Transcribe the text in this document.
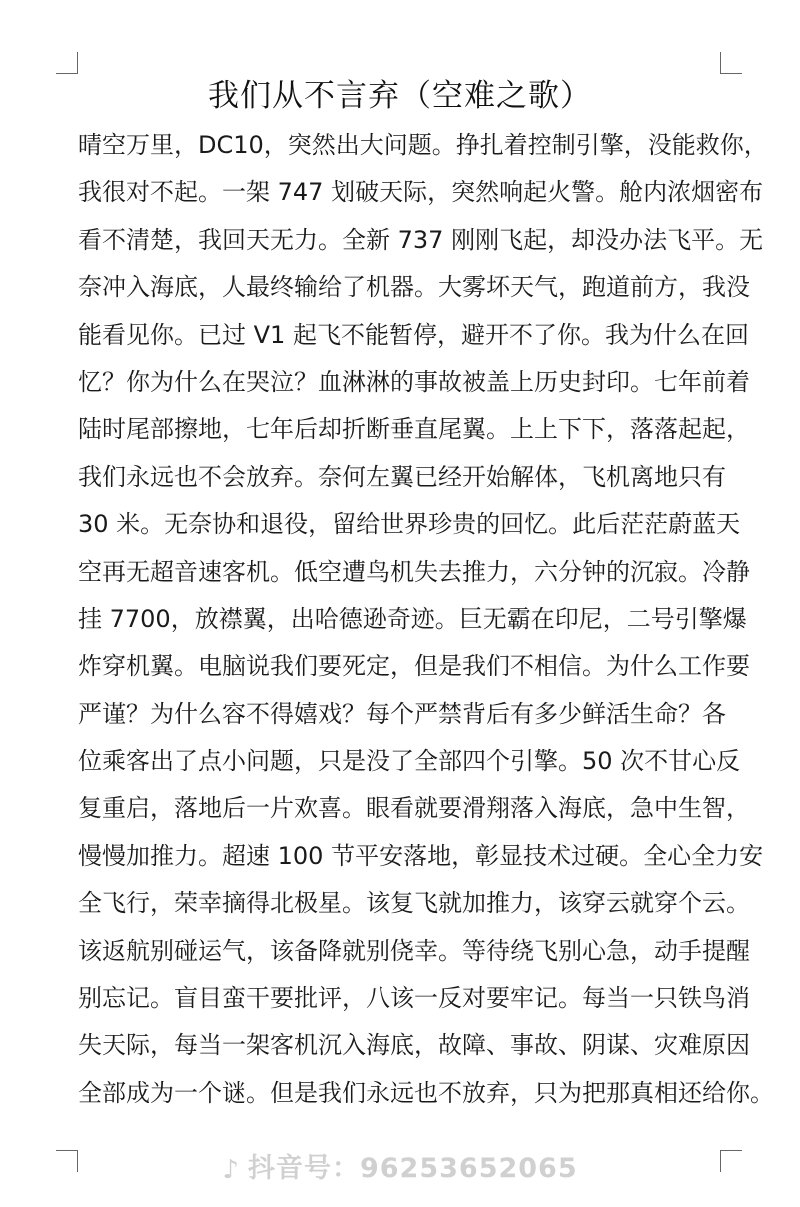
我们从不言弃（空难之歌）
晴空万里，DC10，突然出大问题。挣扎着控制引擎，没能救你，
我很对不起。一架 747 划破天际，突然响起火警。舱内浓烟密布
看不清楚，我回天无力。全新 737 刚刚飞起，却没办法飞平。无
奈冲入海底，人最终输给了机器。大雾坏天气，跑道前方，我没
能看见你。已过 V1 起飞不能暂停，避开不了你。我为什么在回
忆？你为什么在哭泣？血淋淋的事故被盖上历史封印。七年前着
陆时尾部擦地，七年后却折断垂直尾翼。上上下下，落落起起，
我们永远也不会放弃。奈何左翼已经开始解体，飞机离地只有
30 米。无奈协和退役，留给世界珍贵的回忆。此后茫茫蔚蓝天
空再无超音速客机。低空遭鸟机失去推力，六分钟的沉寂。冷静
挂 7700，放襟翼，出哈德逊奇迹。巨无霸在印尼，二号引擎爆
炸穿机翼。电脑说我们要死定，但是我们不相信。为什么工作要
严谨？为什么容不得嬉戏？每个严禁背后有多少鲜活生命？各
位乘客出了点小问题，只是没了全部四个引擎。50 次不甘心反
复重启，落地后一片欢喜。眼看就要滑翔落入海底，急中生智，
慢慢加推力。超速 100 节平安落地，彰显技术过硬。全心全力安
全飞行，荣幸摘得北极星。该复飞就加推力，该穿云就穿个云。
该返航别碰运气，该备降就别侥幸。等待绕飞别心急，动手提醒
别忘记。盲目蛮干要批评，八该一反对要牢记。每当一只铁鸟消
失天际，每当一架客机沉入海底，故障、事故、阴谋、灾难原因
全部成为一个谜。但是我们永远也不放弃，只为把那真相还给你。
♪ 抖音号：96253652065
